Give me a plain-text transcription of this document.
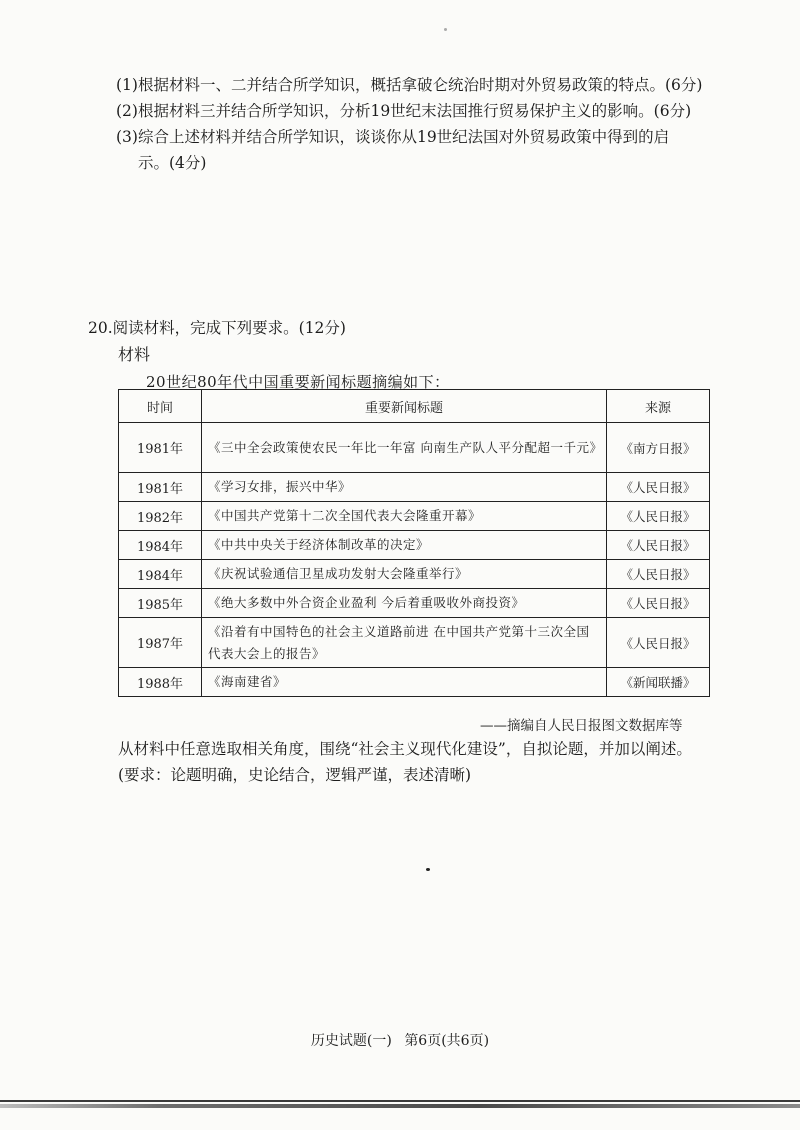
(1)根据材料一、二并结合所学知识，概括拿破仑统治时期对外贸易政策的特点。(6分)

(2)根据材料三并结合所学知识，分析19世纪末法国推行贸易保护主义的影响。(6分)

(3)综合上述材料并结合所学知识，谈谈你从19世纪法国对外贸易政策中得到的启

示。(4分)

20.阅读材料，完成下列要求。(12分)

材料

20世纪80年代中国重要新闻标题摘编如下：

时间	重要新闻标题	来源
1981年	《三中全会政策使农民一年比一年富 向南生产队人平分配超一千元》	《南方日报》
1981年	《学习女排，振兴中华》	《人民日报》
1982年	《中国共产党第十二次全国代表大会隆重开幕》	《人民日报》
1984年	《中共中央关于经济体制改革的决定》	《人民日报》
1984年	《庆祝试验通信卫星成功发射大会隆重举行》	《人民日报》
1985年	《绝大多数中外合资企业盈利 今后着重吸收外商投资》	《人民日报》
1987年	《沿着有中国特色的社会主义道路前进 在中国共产党第十三次全国代表大会上的报告》	《人民日报》
1988年	《海南建省》	《新闻联播》
——摘编自人民日报图文数据库等

从材料中任意选取相关角度，围绕“社会主义现代化建设”，自拟论题，并加以阐述。

(要求：论题明确，史论结合，逻辑严谨，表述清晰)

历史试题(一) 第6页(共6页)
